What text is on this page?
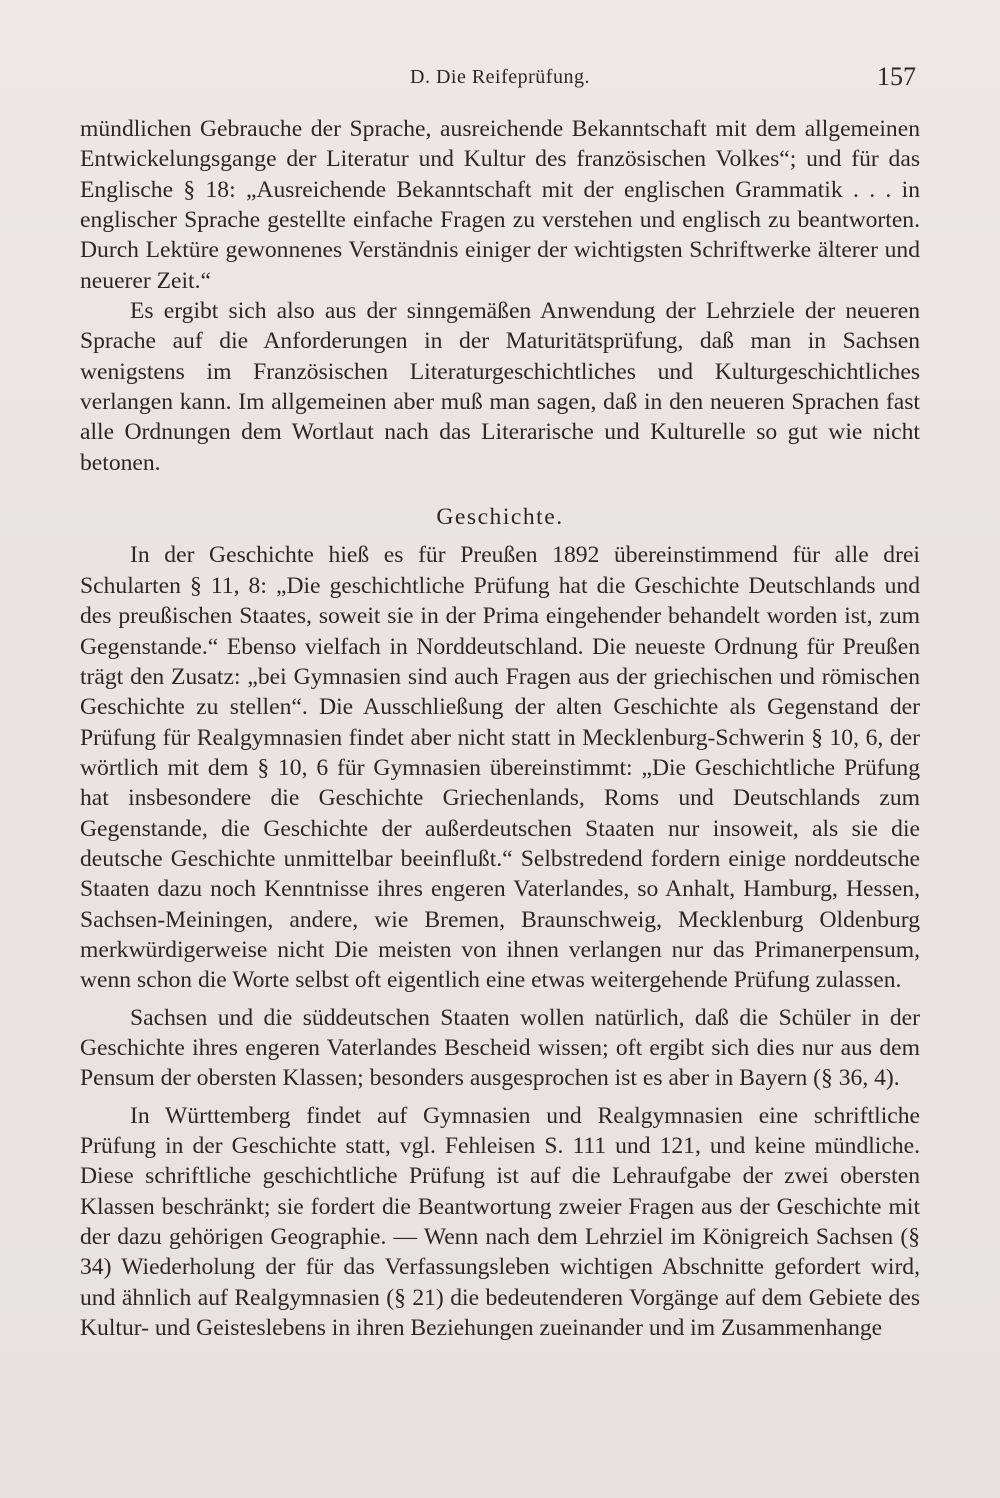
D. Die Reifeprüfung.	157

mündlichen Gebrauche der Sprache, ausreichende Bekanntschaft mit dem allgemeinen Entwickelungsgange der Literatur und Kultur des französischen Volkes“; und für das Englische § 18: „Ausreichende Bekanntschaft mit der englischen Grammatik . . . in englischer Sprache gestellte einfache Fragen zu verstehen und englisch zu beantworten. Durch Lektüre gewonnenes Verständnis einiger der wichtigsten Schriftwerke älterer und neuerer Zeit.“

Es ergibt sich also aus der sinngemäßen Anwendung der Lehrziele der neueren Sprache auf die Anforderungen in der Maturitätsprüfung, daß man in Sachsen wenigstens im Französischen Literaturgeschichtliches und Kulturgeschichtliches verlangen kann. Im allgemeinen aber muß man sagen, daß in den neueren Sprachen fast alle Ordnungen dem Wortlaut nach das Literarische und Kulturelle so gut wie nicht betonen.

Geschichte.

In der Geschichte hieß es für Preußen 1892 übereinstimmend für alle drei Schularten § 11, 8: „Die geschichtliche Prüfung hat die Geschichte Deutschlands und des preußischen Staates, soweit sie in der Prima eingehender behandelt worden ist, zum Gegenstande.“ Ebenso vielfach in Norddeutschland. Die neueste Ordnung für Preußen trägt den Zusatz: „bei Gymnasien sind auch Fragen aus der griechischen und römischen Geschichte zu stellen“. Die Ausschließung der alten Geschichte als Gegenstand der Prüfung für Realgymnasien findet aber nicht statt in Mecklenburg-Schwerin § 10, 6, der wörtlich mit dem § 10, 6 für Gymnasien übereinstimmt: „Die Geschichtliche Prüfung hat insbesondere die Geschichte Griechenlands, Roms und Deutschlands zum Gegenstande, die Geschichte der außerdeutschen Staaten nur insoweit, als sie die deutsche Geschichte unmittelbar beeinflußt.“ Selbstredend fordern einige norddeutsche Staaten dazu noch Kenntnisse ihres engeren Vaterlandes, so Anhalt, Hamburg, Hessen, Sachsen-Meiningen, andere, wie Bremen, Braunschweig, Mecklenburg Oldenburg merkwürdigerweise nicht Die meisten von ihnen verlangen nur das Primanerpensum, wenn schon die Worte selbst oft eigentlich eine etwas weitergehende Prüfung zulassen.

Sachsen und die süddeutschen Staaten wollen natürlich, daß die Schüler in der Geschichte ihres engeren Vaterlandes Bescheid wissen; oft ergibt sich dies nur aus dem Pensum der obersten Klassen; besonders ausgesprochen ist es aber in Bayern (§ 36, 4).

In Württemberg findet auf Gymnasien und Realgymnasien eine schriftliche Prüfung in der Geschichte statt, vgl. Fehleisen S. 111 und 121, und keine mündliche. Diese schriftliche geschichtliche Prüfung ist auf die Lehraufgabe der zwei obersten Klassen beschränkt; sie fordert die Beantwortung zweier Fragen aus der Geschichte mit der dazu gehörigen Geographie. — Wenn nach dem Lehrziel im Königreich Sachsen (§ 34) Wiederholung der für das Verfassungsleben wichtigen Abschnitte gefordert wird, und ähnlich auf Realgymnasien (§ 21) die bedeutenderen Vorgänge auf dem Gebiete des Kultur- und Geisteslebens in ihren Beziehungen zueinander und im Zusammenhange
